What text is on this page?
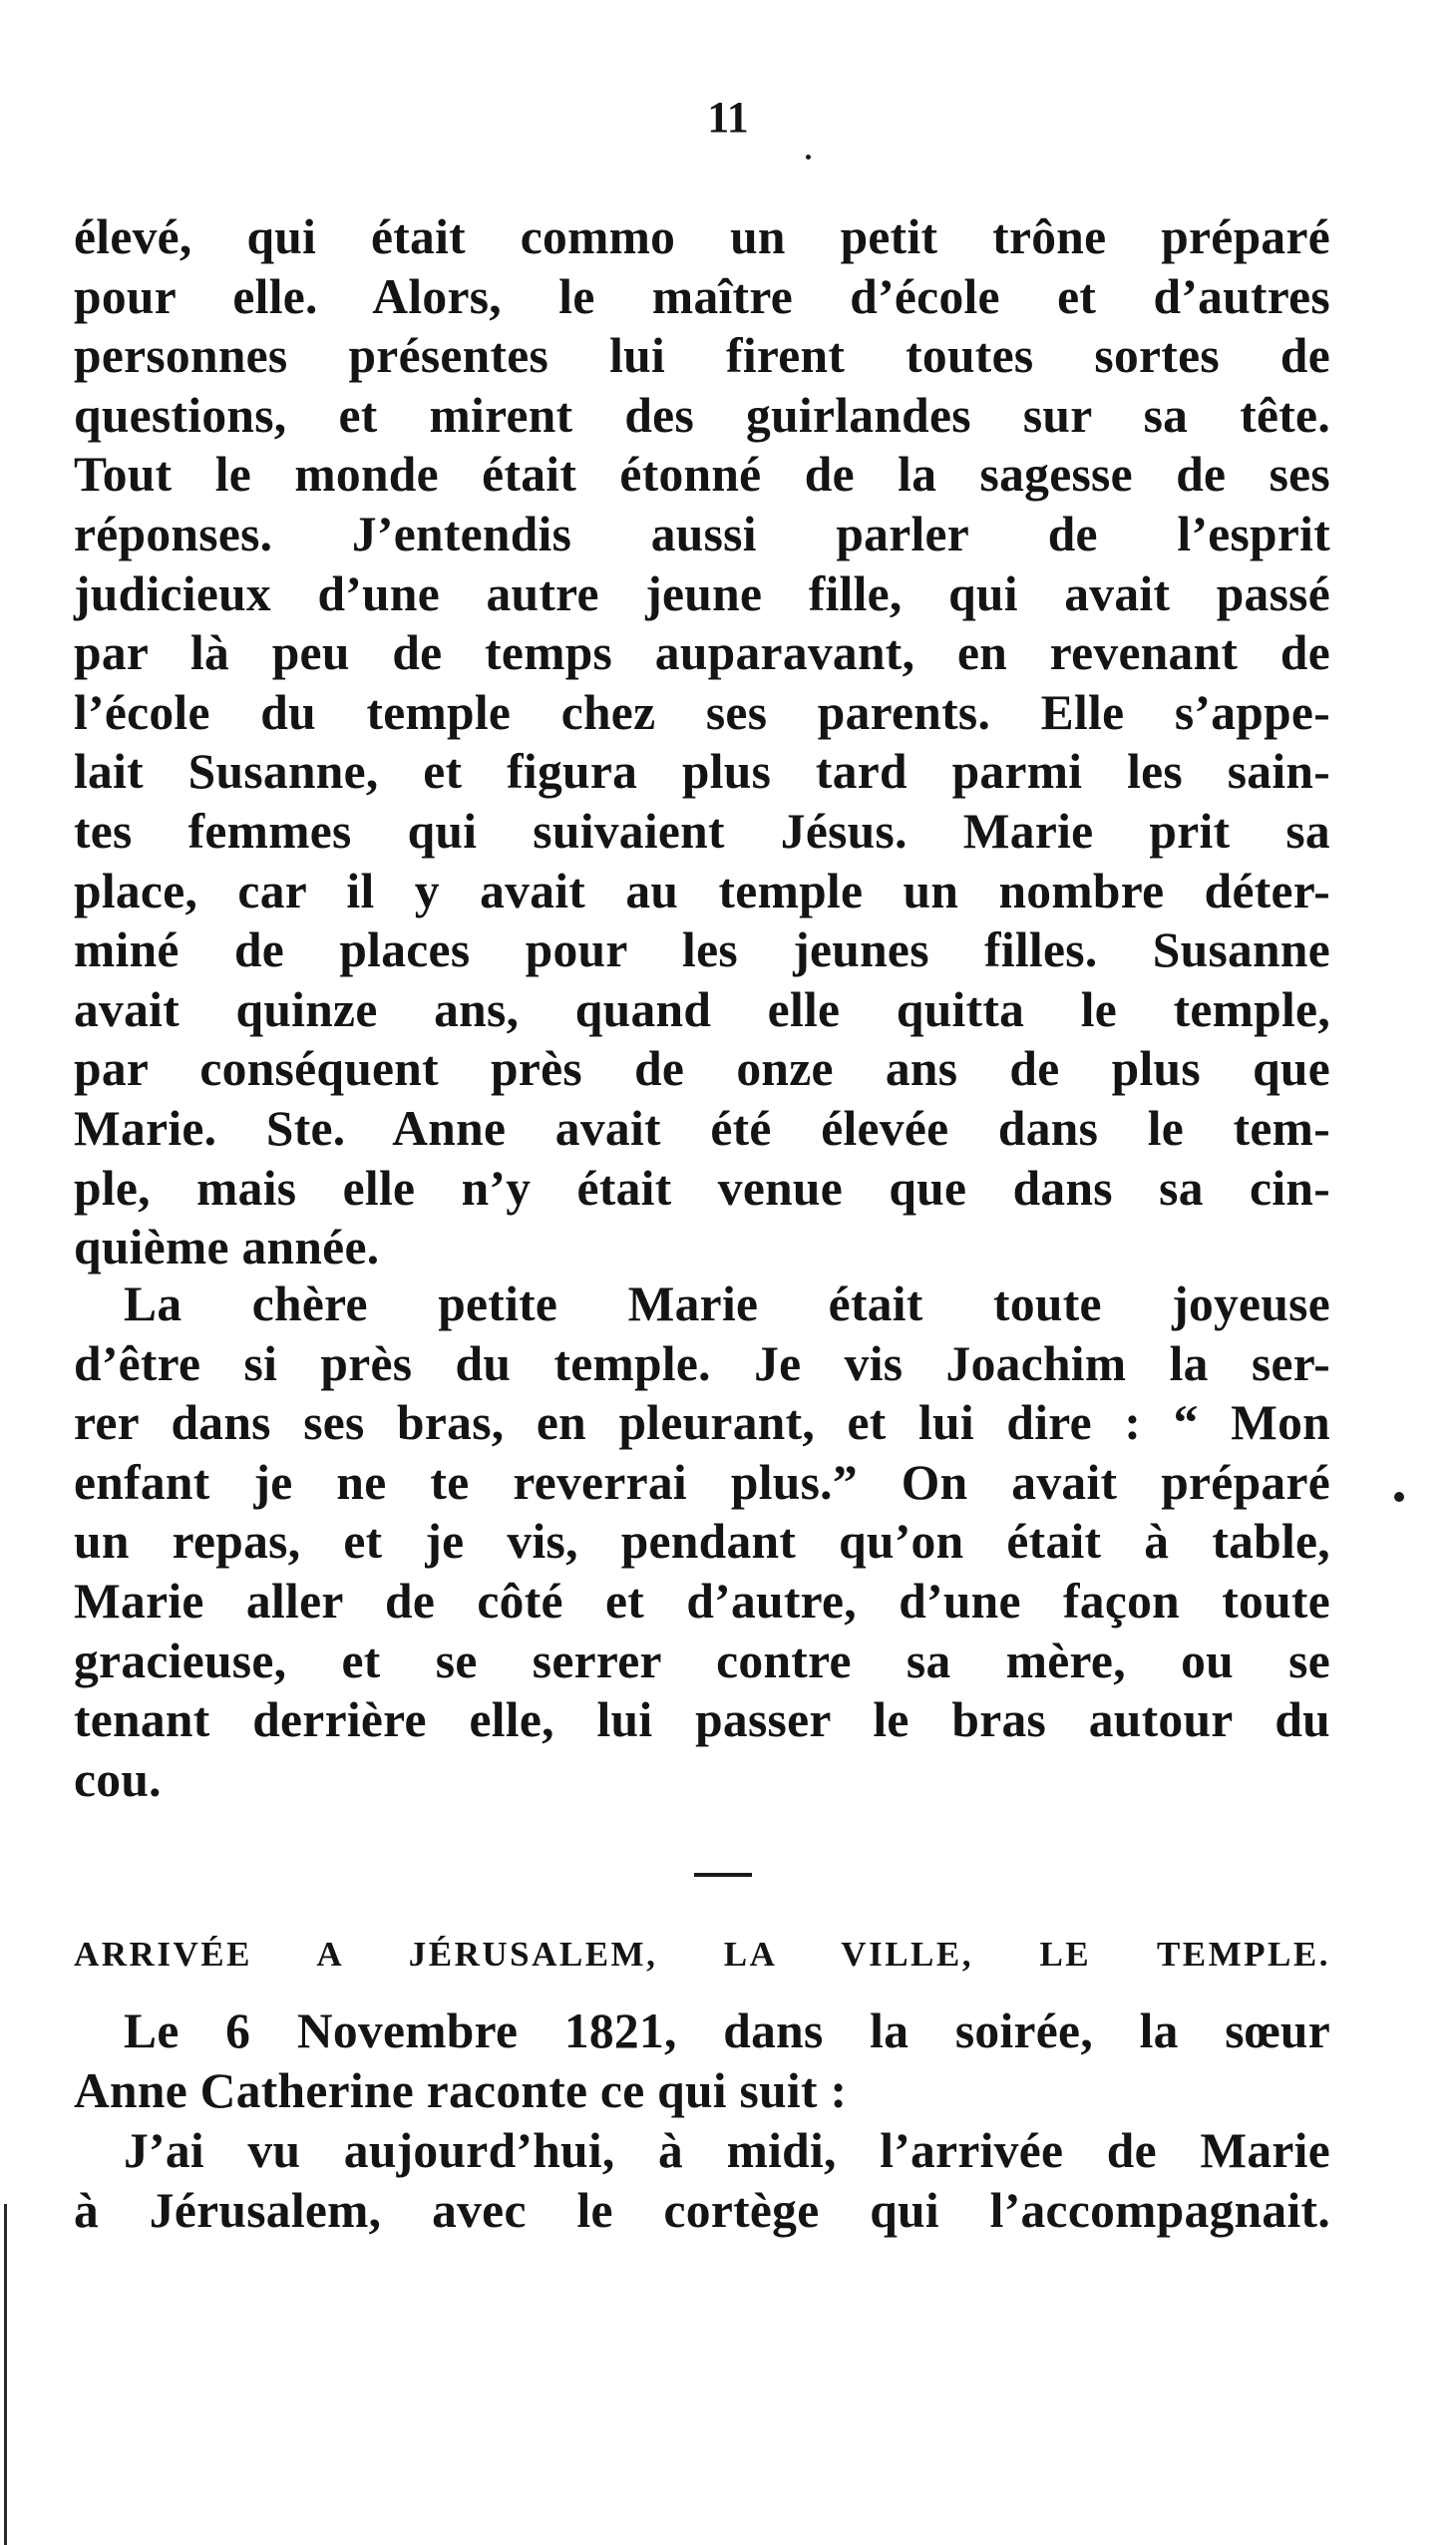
11
élevé, qui était commo un petit trône préparé
pour elle. Alors, le maître d’école et d’autres
personnes présentes lui firent toutes sortes de
questions, et mirent des guirlandes sur sa tête.
Tout le monde était étonné de la sagesse de ses
réponses. J’entendis aussi parler de l’esprit
judicieux d’une autre jeune fille, qui avait passé
par là peu de temps auparavant, en revenant de
l’école du temple chez ses parents. Elle s’appe-
lait Susanne, et figura plus tard parmi les sain-
tes femmes qui suivaient Jésus. Marie prit sa
place, car il y avait au temple un nombre déter-
miné de places pour les jeunes filles. Susanne
avait quinze ans, quand elle quitta le temple,
par conséquent près de onze ans de plus que
Marie. Ste. Anne avait été élevée dans le tem-
ple, mais elle n’y était venue que dans sa cin-
quième année.
La chère petite Marie était toute joyeuse
d’être si près du temple. Je vis Joachim la ser-
rer dans ses bras, en pleurant, et lui dire : “ Mon
enfant je ne te reverrai plus.” On avait préparé
un repas, et je vis, pendant qu’on était à table,
Marie aller de côté et d’autre, d’une façon toute
gracieuse, et se serrer contre sa mère, ou se
tenant derrière elle, lui passer le bras autour du
cou.
ARRIVÉE A JÉRUSALEM, LA VILLE, LE TEMPLE.
Le 6 Novembre 1821, dans la soirée, la sœur
Anne Catherine raconte ce qui suit :
J’ai vu aujourd’hui, à midi, l’arrivée de Marie
à Jérusalem, avec le cortège qui l’accompagnait.
